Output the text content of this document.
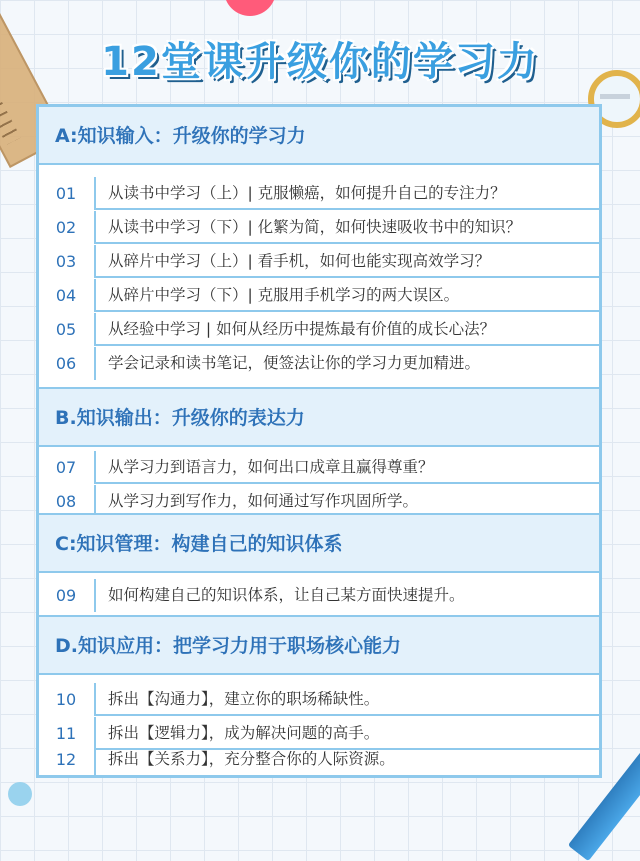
12堂课升级你的学习力
A:知识输入：升级你的学习力
01	从读书中学习（上）| 克服懒癌，如何提升自己的专注力？
02	从读书中学习（下）| 化繁为简，如何快速吸收书中的知识？
03	从碎片中学习（上）| 看手机，如何也能实现高效学习？
04	从碎片中学习（下）| 克服用手机学习的两大误区。
05	从经验中学习 | 如何从经历中提炼最有价值的成长心法？
06	学会记录和读书笔记，便签法让你的学习力更加精进。
B.知识输出：升级你的表达力
07	从学习力到语言力，如何出口成章且赢得尊重？
08	从学习力到写作力，如何通过写作巩固所学。
C:知识管理：构建自己的知识体系
09	如何构建自己的知识体系，让自己某方面快速提升。
D.知识应用：把学习力用于职场核心能力
10	拆出【沟通力】，建立你的职场稀缺性。
11	拆出【逻辑力】，成为解决问题的高手。
12	拆出【关系力】，充分整合你的人际资源。
